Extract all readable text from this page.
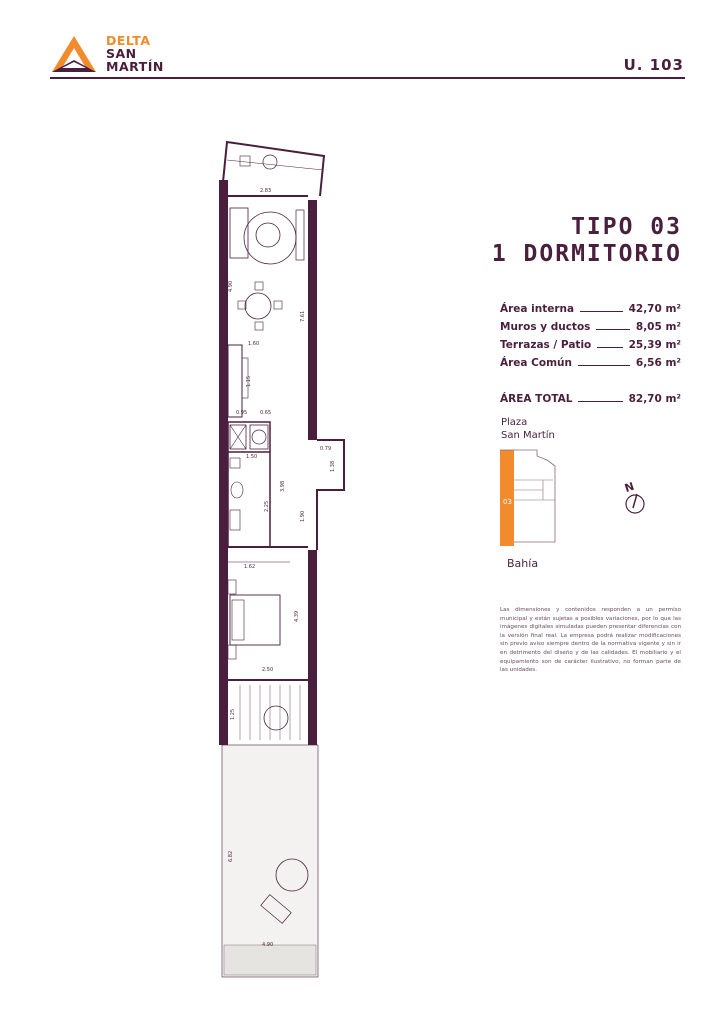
DELTA
SAN
MARTÍN	U. 103
TIPO 03
1 DORMITORIO
Área interna	42,70 m²
Muros y ductos	8,05 m²
Terrazas / Patio	25,39 m²
Área Común	6,56 m²
ÁREA TOTAL	82,70 m²
Plaza
San Martín
03
Bahía
N
Las dimensiones y contenidos responden a un permiso municipal y están sujetas a posibles variaciones, por lo que las imágenes digitales simuladas pueden presentar diferencias con la versión final real. La empresa podrá realizar modificaciones sin previo aviso siempre dentro de la normativa vigente y sin ir en detrimento del diseño y de las calidades. El mobiliario y el equipamiento son de carácter ilustrativo, no forman parte de las unidades.
2.83
4.90
7.61
1.60
1.15
0.95	0.65
1.50
3.98
0.79
1.38
2.25
1.90
1.62
4.39
2.50
1.25
6.82
4.90
